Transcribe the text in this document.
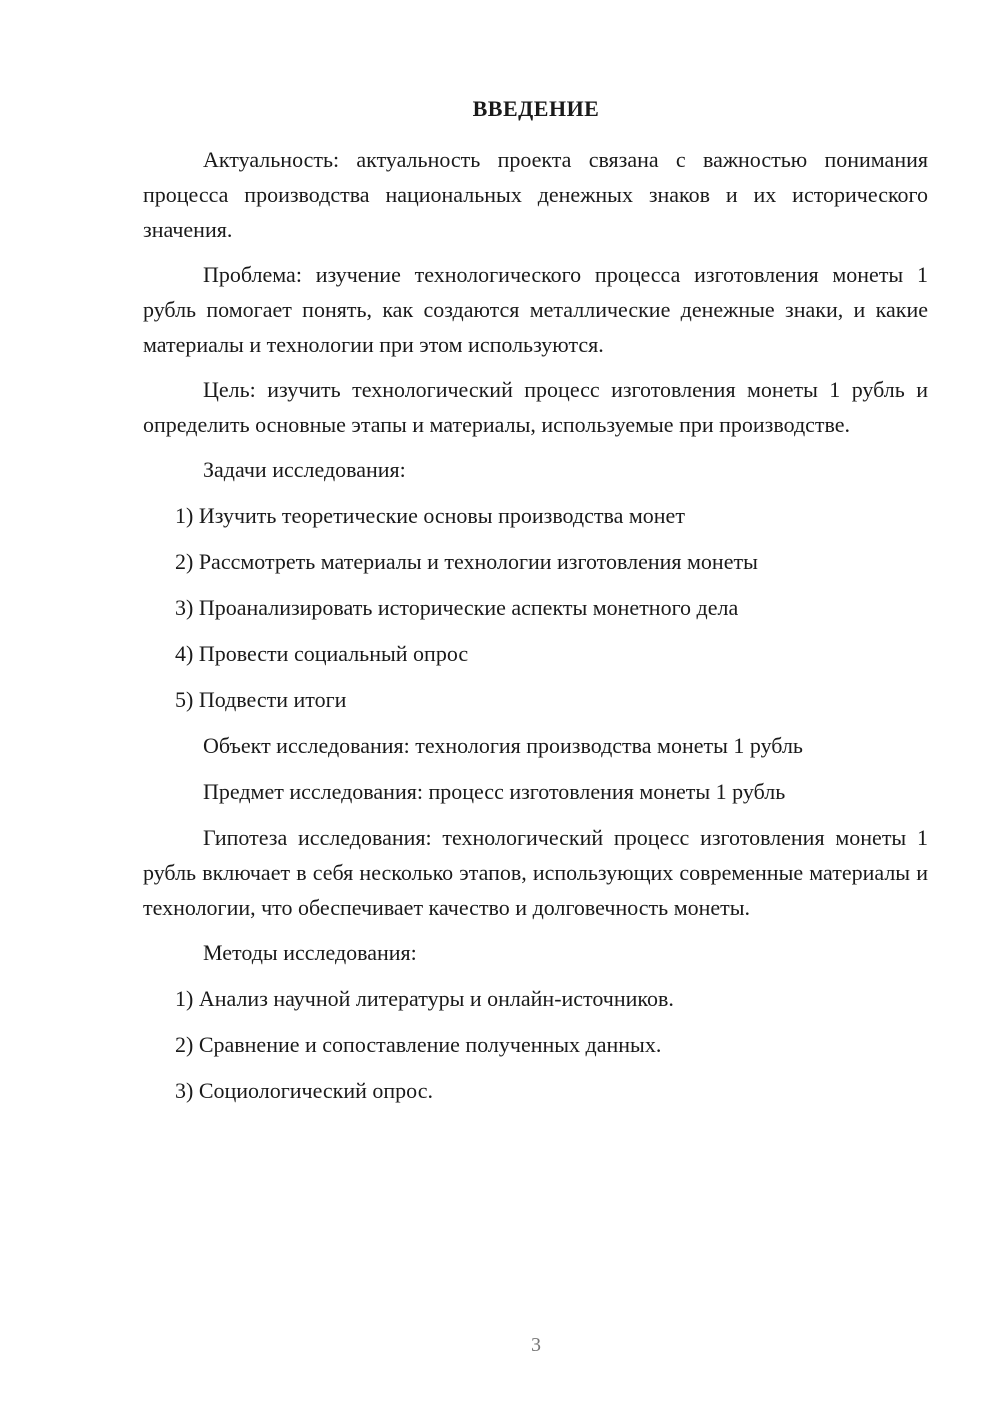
ВВЕДЕНИЕ

Актуальность: актуальность проекта связана с важностью понимания процесса производства национальных денежных знаков и их исторического значения.

Проблема: изучение технологического процесса изготовления монеты 1 рубль помогает понять, как создаются металлические денежные знаки, и какие материалы и технологии при этом используются.

Цель: изучить технологический процесс изготовления монеты 1 рубль и определить основные этапы и материалы, используемые при производстве.

Задачи исследования:

1) Изучить теоретические основы производства монет

2) Рассмотреть материалы и технологии изготовления монеты

3) Проанализировать исторические аспекты монетного дела

4) Провести социальный опрос

5) Подвести итоги

Объект исследования: технология производства монеты 1 рубль

Предмет исследования: процесс изготовления монеты 1 рубль

Гипотеза исследования: технологический процесс изготовления монеты 1 рубль включает в себя несколько этапов, использующих современные материалы и технологии, что обеспечивает качество и долговечность монеты.

Методы исследования:

1) Анализ научной литературы и онлайн-источников.

2) Сравнение и сопоставление полученных данных.

3) Социологический опрос.

3
